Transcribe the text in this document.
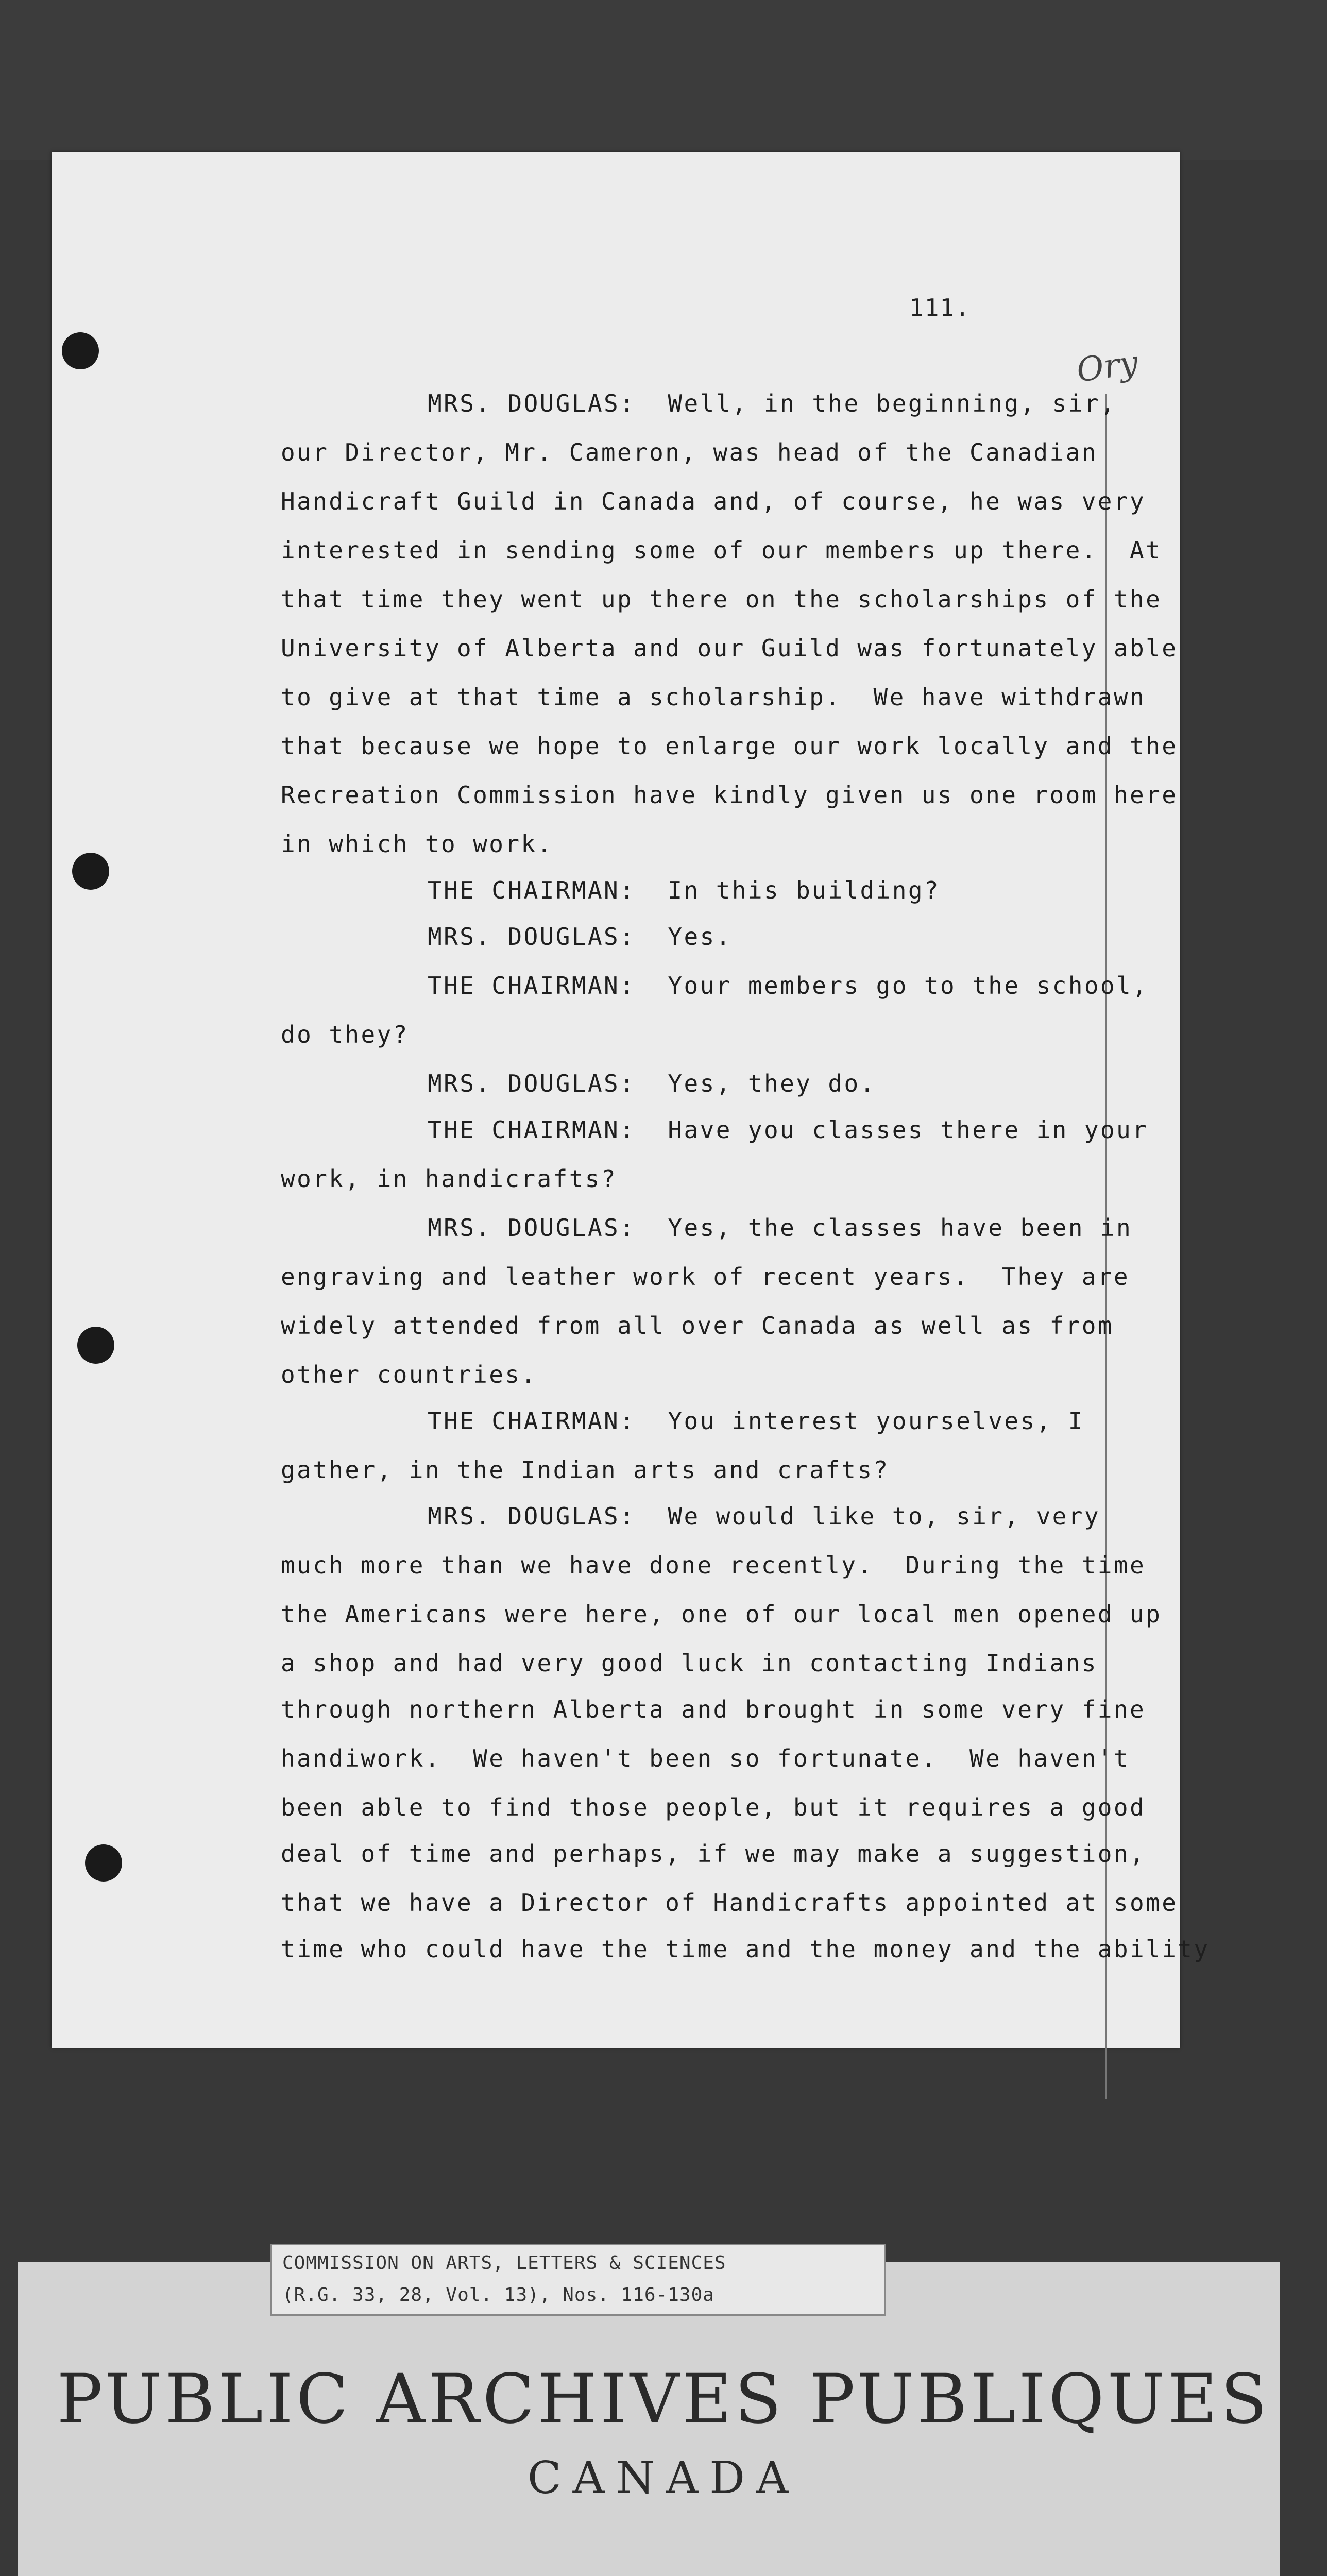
111.
Ory
MRS. DOUGLAS:  Well, in the beginning, sir,
our Director, Mr. Cameron, was head of the Canadian
Handicraft Guild in Canada and, of course, he was very
interested in sending some of our members up there.  At
that time they went up there on the scholarships of the
University of Alberta and our Guild was fortunately able
to give at that time a scholarship.  We have withdrawn
that because we hope to enlarge our work locally and the
Recreation Commission have kindly given us one room here
in which to work.
THE CHAIRMAN:  In this building?
MRS. DOUGLAS:  Yes.
THE CHAIRMAN:  Your members go to the school,
do they?
MRS. DOUGLAS:  Yes, they do.
THE CHAIRMAN:  Have you classes there in your
work, in handicrafts?
MRS. DOUGLAS:  Yes, the classes have been in
engraving and leather work of recent years.  They are
widely attended from all over Canada as well as from
other countries.
THE CHAIRMAN:  You interest yourselves, I
gather, in the Indian arts and crafts?
MRS. DOUGLAS:  We would like to, sir, very
much more than we have done recently.  During the time
the Americans were here, one of our local men opened up
a shop and had very good luck in contacting Indians
through northern Alberta and brought in some very fine
handiwork.  We haven't been so fortunate.  We haven't
been able to find those people, but it requires a good
deal of time and perhaps, if we may make a suggestion,
that we have a Director of Handicrafts appointed at some
time who could have the time and the money and the ability
COMMISSION ON ARTS, LETTERS & SCIENCES
(R.G. 33, 28, Vol. 13), Nos. 116-130a
PUBLIC ARCHIVES PUBLIQUES
CANADA
